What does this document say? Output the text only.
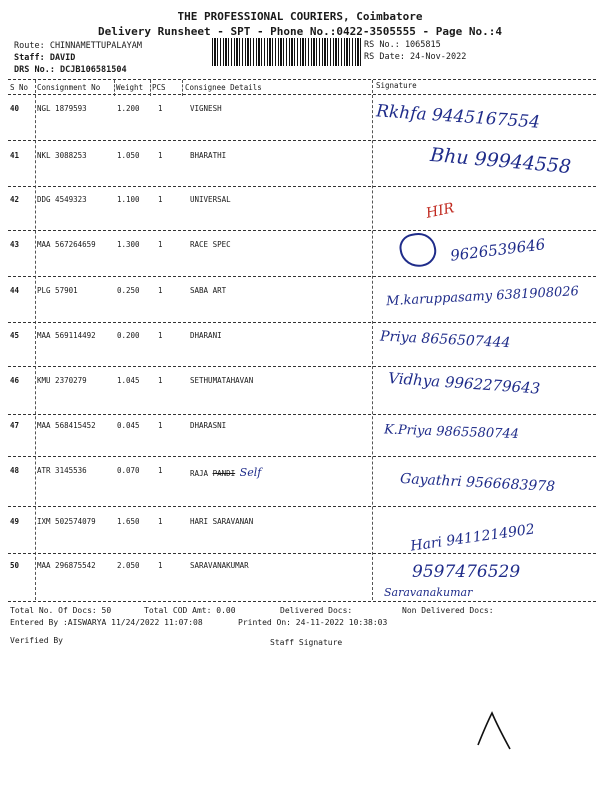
THE PROFESSIONAL COURIERS, Coimbatore
Delivery Runsheet - SPT - Phone No.:0422-3505555 - Page No.:4
Route: CHINNAMETTUPALAYAM
Staff: DAVID
DRS No.: DCJB106581504
RS No.: 1065815
RS Date: 24-Nov-2022
S No Consignment No Weight PCS	Consignee Details	Signature
40 NGL 1879593	1.200 1	VIGNESH	Rkhfa 9445167554
41 NKL 3088253	1.050 1	BHARATHI	Bhu 99944558
42 DDG 4549323	1.100 1	UNIVERSAL
HIR
43 MAA 567264659	1.300 1	RACE SPEC	9626539646
44 PLG 57901	0.250 1	SABA ART	M.karuppasamy 6381908026
45 MAA 569114492	0.200 1	DHARANI	Priya 8656507444
46 KMU 2370279	1.045 1	SETHUMATAHAVAN	Vidhya 9962279643
47 MAA 568415452	0.045 1	DHARASNI	K.Priya 9865580744
48 ATR 3145536	0.070 1	RAJA PANDI Self	Gayathri 9566683978
49 IXM 502574079	1.650 1	HARI SARAVANAN	Hari 9411214902
50 MAA 296875542	2.050 1	SARAVANAKUMAR	9597476529
Saravanakumar
Total No. Of Docs: 50	Total COD Amt: 0.00	Delivered Docs:	Non Delivered Docs:
Entered By :AISWARYA 11/24/2022 11:07:08	Printed On: 24-11-2022 10:38:03
Verified By	Staff Signature
